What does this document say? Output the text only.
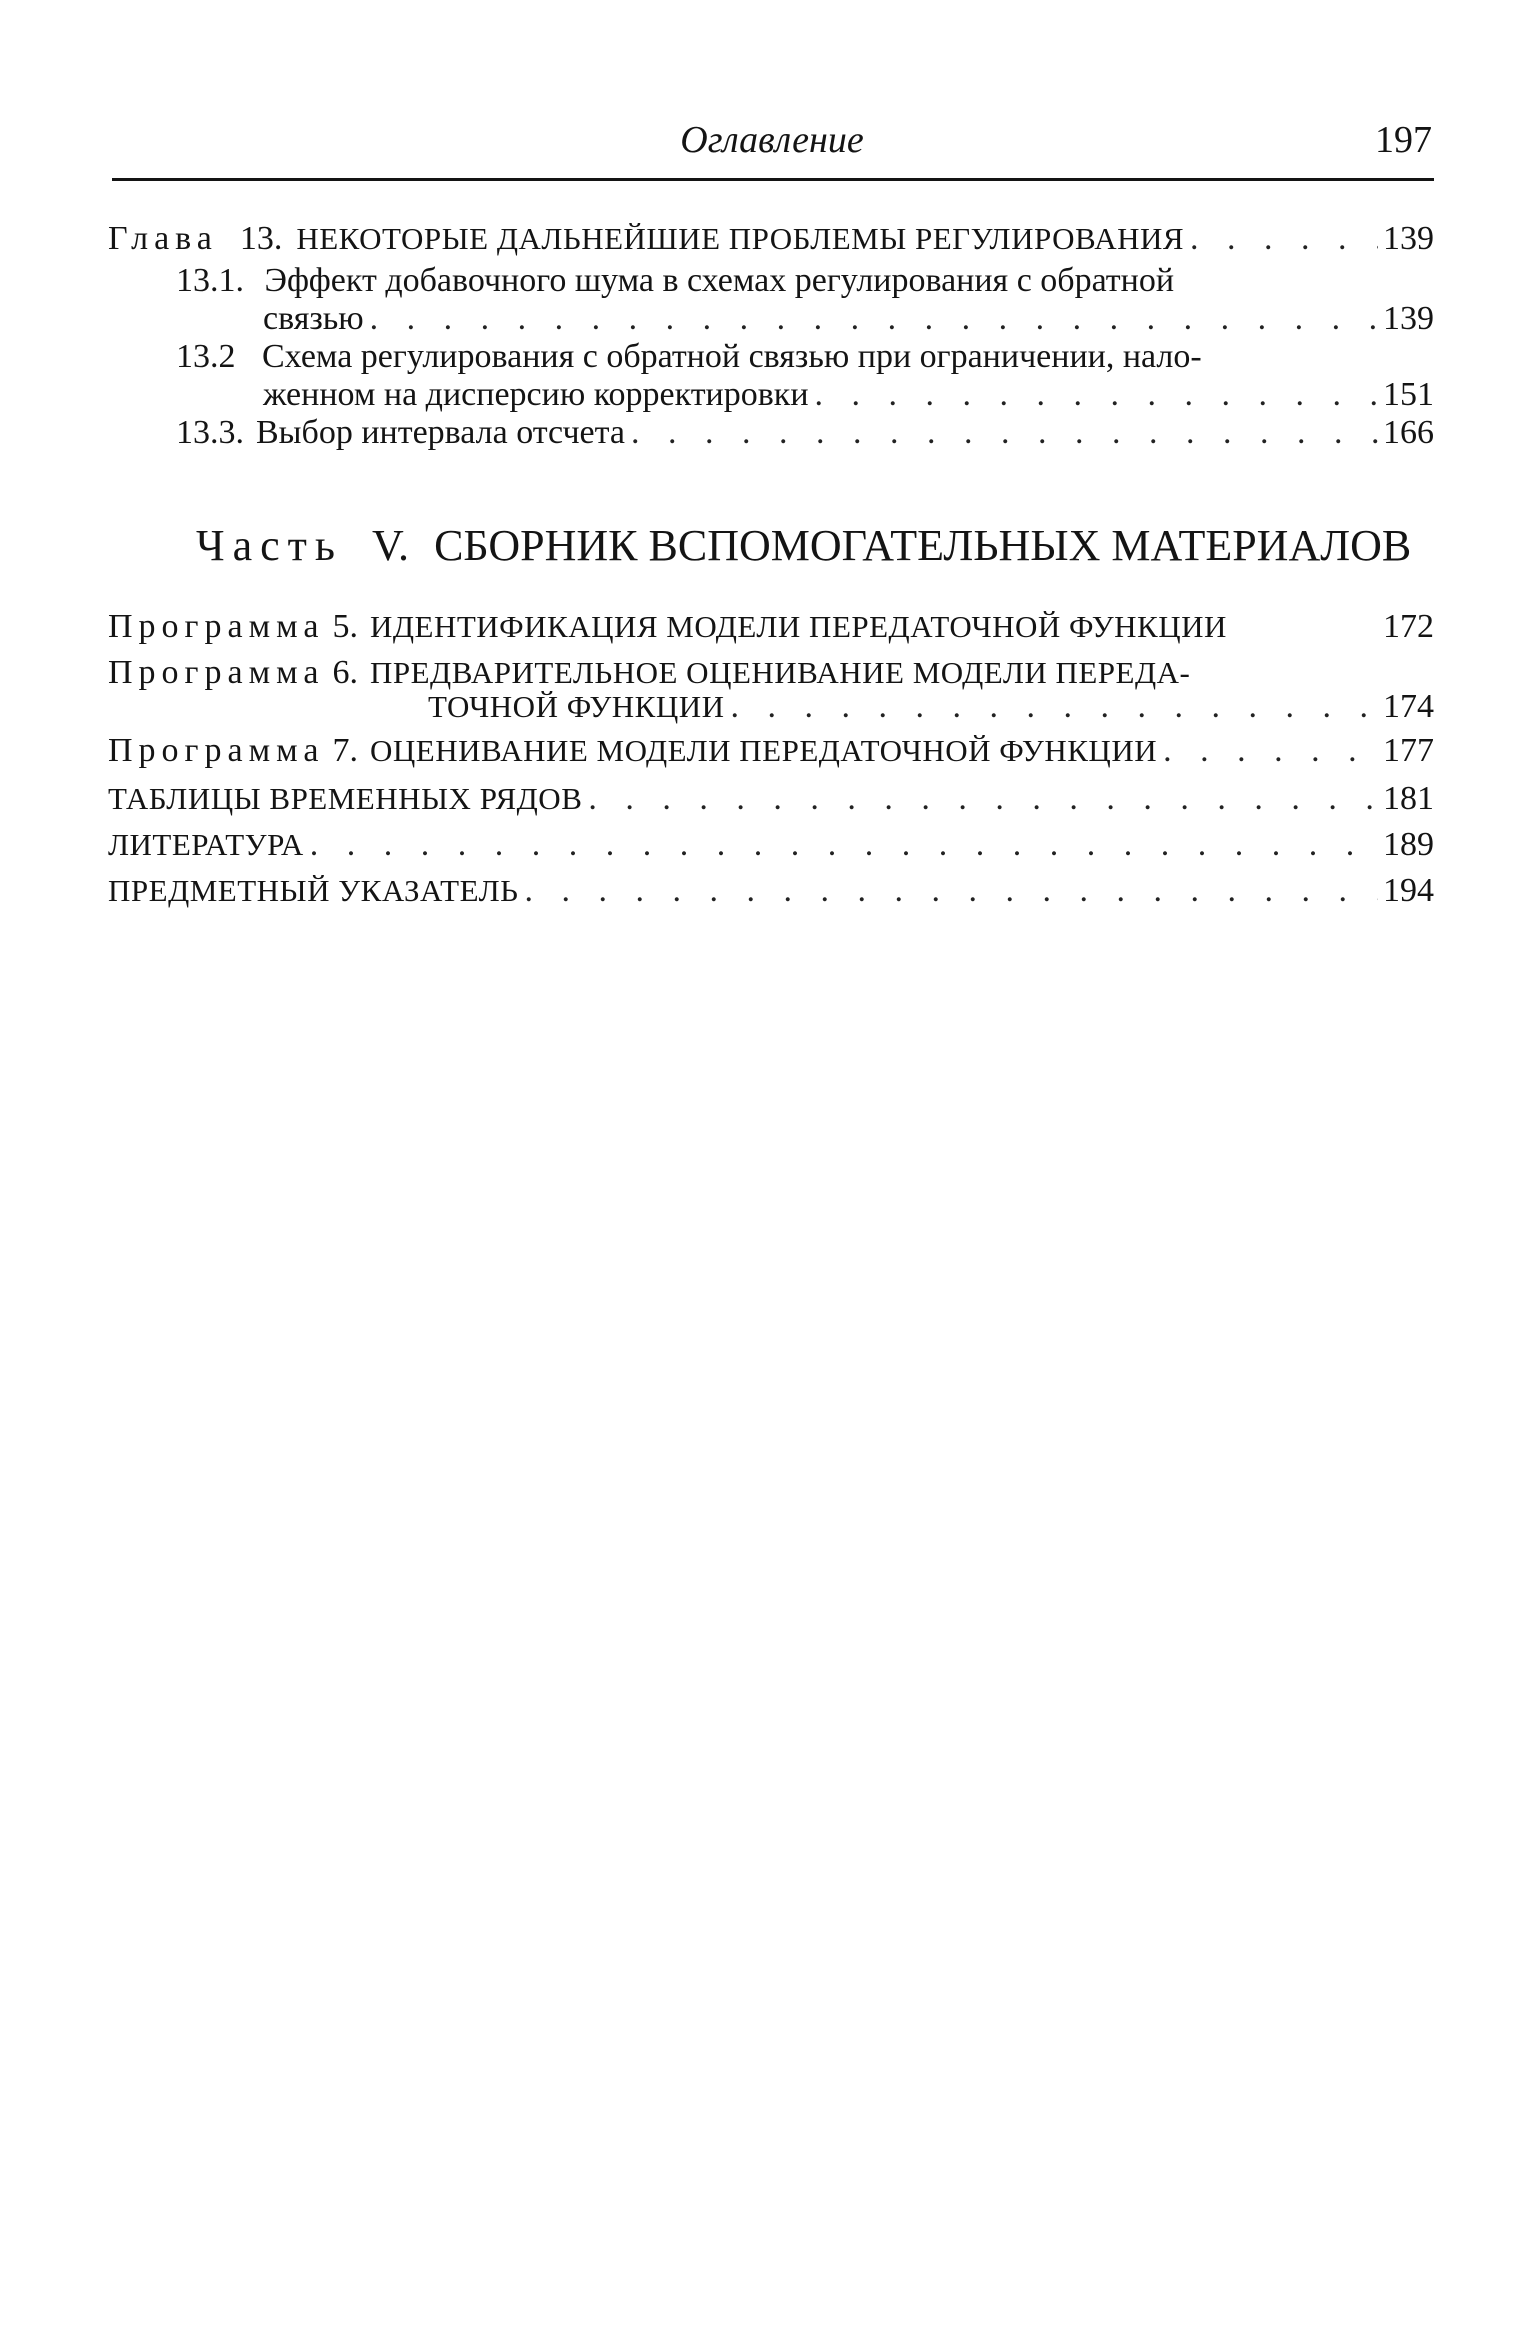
Оглавление	197
Глава 13. НЕКОТОРЫЕ ДАЛЬНЕЙШИЕ ПРОБЛЕМЫ РЕГУЛИРОВАНИЯ . . .	139
13.1. Эффект добавочного шума в схемах регулирования с обратной
связью . . .	139
13.2 Схема регулирования с обратной связью при ограничении, нало-
женном на дисперсию корректировки . . .	151
13.3. Выбор интервала отсчета . . .	166
Часть V. СБОРНИК ВСПОМОГАТЕЛЬНЫХ МАТЕРИАЛОВ
Программа 5. ИДЕНТИФИКАЦИЯ МОДЕЛИ ПЕРЕДАТОЧНОЙ ФУНКЦИИ	172
Программа 6. ПРЕДВАРИТЕЛЬНОЕ ОЦЕНИВАНИЕ МОДЕЛИ ПЕРЕДА-
ТОЧНОЙ ФУНКЦИИ . . .	174
Программа 7. ОЦЕНИВАНИЕ МОДЕЛИ ПЕРЕДАТОЧНОЙ ФУНКЦИИ . . .	177
ТАБЛИЦЫ ВРЕМЕННЫХ РЯДОВ . . .	181
ЛИТЕРАТУРА . . .	189
ПРЕДМЕТНЫЙ УКАЗАТЕЛЬ . . .	194
